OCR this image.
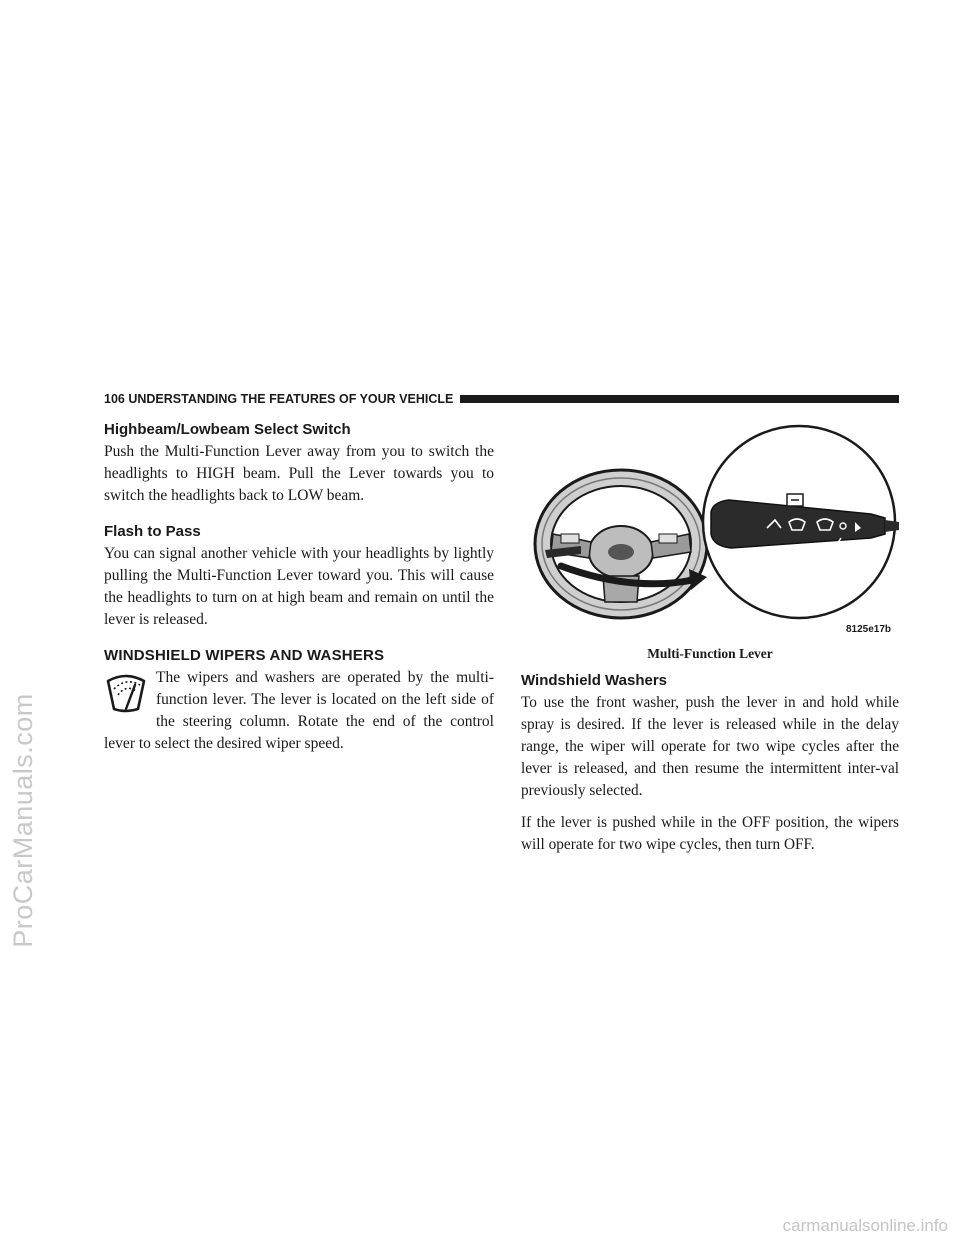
ProCarManuals.com
carmanualsonline.info
106 UNDERSTANDING THE FEATURES OF YOUR VEHICLE
Highbeam/Lowbeam Select Switch

Push the Multi-Function Lever away from you to switch the headlights to HIGH beam. Pull the Lever towards you to switch the headlights back to LOW beam.

Flash to Pass

You can signal another vehicle with your headlights by lightly pulling the Multi-Function Lever toward you. This will cause the headlights to turn on at high beam and remain on until the lever is released.

WINDSHIELD WIPERS AND WASHERS

The wipers and washers are operated by the multi-function lever. The lever is located on the left side of the steering column. Rotate the end of the control lever to select the desired wiper speed.

8125e17b
Multi-Function Lever
Windshield Washers

To use the front washer, push the lever in and hold while spray is desired. If the lever is released while in the delay range, the wiper will operate for two wipe cycles after the lever is released, and then resume the intermittent inter-val previously selected.

If the lever is pushed while in the OFF position, the wipers will operate for two wipe cycles, then turn OFF.
